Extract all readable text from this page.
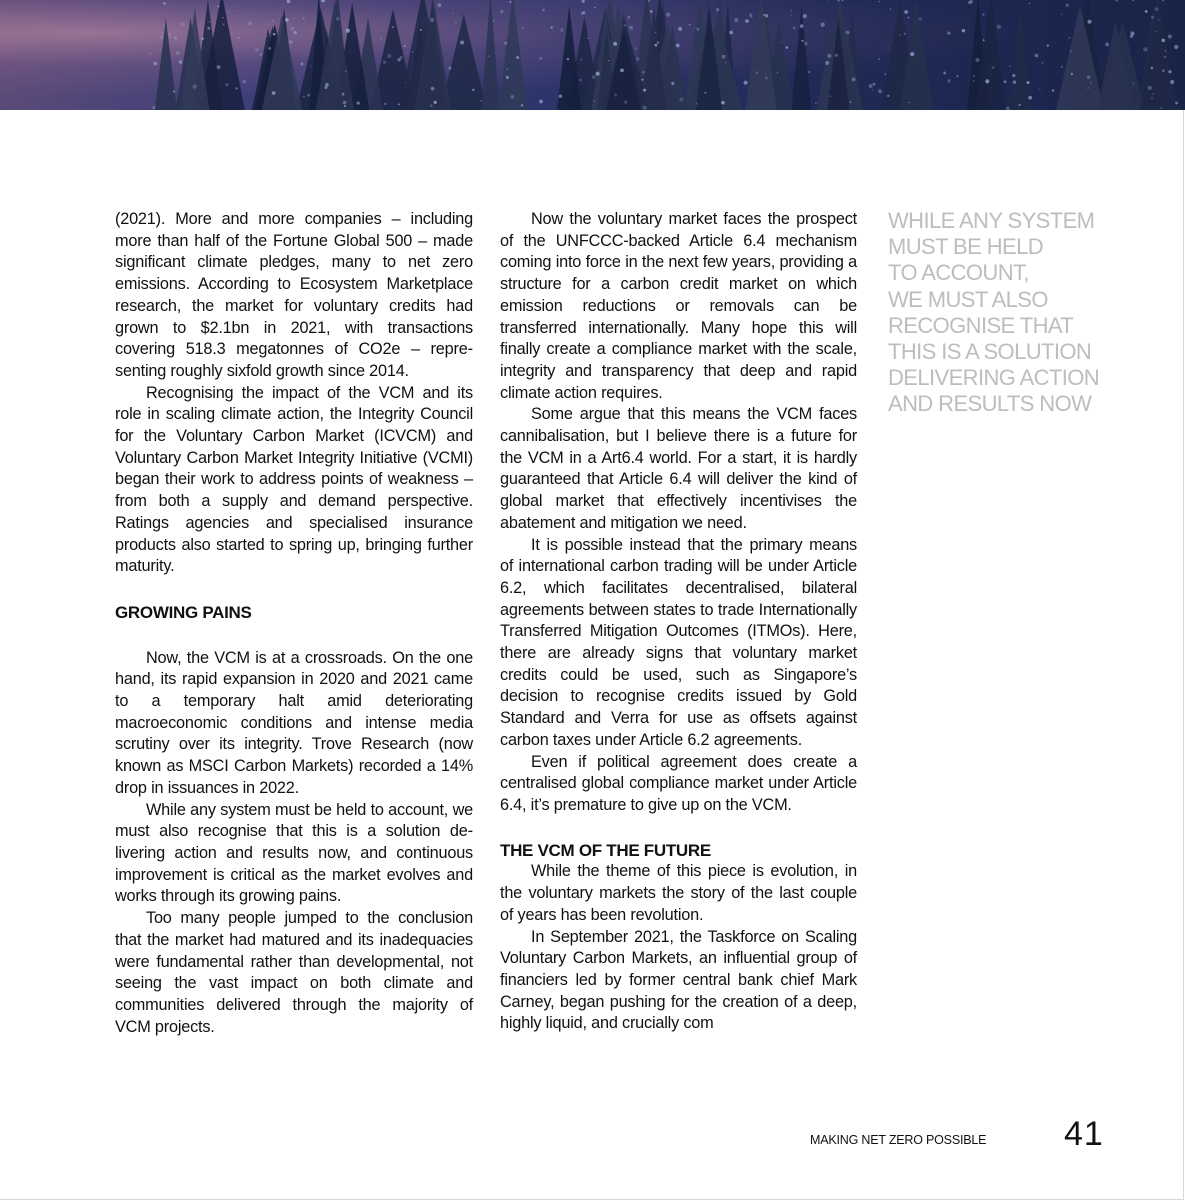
(2021). More and more companies – including more than half of the Fortune Global 500 – made significant climate pledges, many to net zero emissions. According to Ecosystem Marketplace research, the market for voluntary credits had grown to $2.1bn in 2021, with transactions covering 518.3 megatonnes of CO2e – representing roughly sixfold growth since 2014.

Recognising the impact of the VCM and its role in scaling climate action, the Integrity Council for the Voluntary Carbon Market (ICVCM) and Voluntary Carbon Market Integrity Initiative (VCMI) began their work to address points of weakness – from both a supply and demand perspective. Ratings agencies and specialised insurance products also started to spring up, bringing further maturity.

GROWING PAINS

Now, the VCM is at a crossroads. On the one hand, its rapid expansion in 2020 and 2021 came to a temporary halt amid deteriorating macroeconomic conditions and intense media scrutiny over its integrity. Trove Research (now known as MSCI Carbon Markets) recorded a 14% drop in issuances in 2022.

While any system must be held to account, we must also recognise that this is a solution delivering action and results now, and continuous improvement is critical as the market evolves and works through its growing pains.

Too many people jumped to the conclusion that the market had matured and its inadequacies were fundamental rather than developmental, not seeing the vast impact on both climate and communities delivered through the majority of VCM projects.

Now the voluntary market faces the prospect of the UNFCCC-backed Article 6.4 mechanism coming into force in the next few years, providing a structure for a carbon credit market on which emission reductions or removals can be transferred internationally. Many hope this will finally create a compliance market with the scale, integrity and transparency that deep and rapid climate action requires.

Some argue that this means the VCM faces cannibalisation, but I believe there is a future for the VCM in a Art6.4 world. For a start, it is hardly guaranteed that Article 6.4 will deliver the kind of global market that effectively incentivises the abatement and mitigation we need.

It is possible instead that the primary means of international carbon trading will be under Article 6.2, which facilitates decentralised, bilateral agreements between states to trade Internationally Transferred Mitigation Outcomes (ITMOs). Here, there are already signs that voluntary market credits could be used, such as Singapore’s decision to recognise credits issued by Gold Standard and Verra for use as offsets against carbon taxes under Article 6.2 agreements.

Even if political agreement does create a centralised global compliance market under Article 6.4, it’s premature to give up on the VCM.

THE VCM OF THE FUTURE

While the theme of this piece is evolution, in the voluntary markets the story of the last couple of years has been revolution.

In September 2021, the Taskforce on Scaling Voluntary Carbon Markets, an influential group of financiers led by former central bank chief Mark Carney, began pushing for the creation of a deep, highly liquid, and crucially com

WHILE ANY SYSTEM
MUST BE HELD
TO ACCOUNT,
WE MUST ALSO
RECOGNISE THAT
THIS IS A SOLUTION
DELIVERING ACTION
AND RESULTS NOW
MAKING NET ZERO POSSIBLE 41
